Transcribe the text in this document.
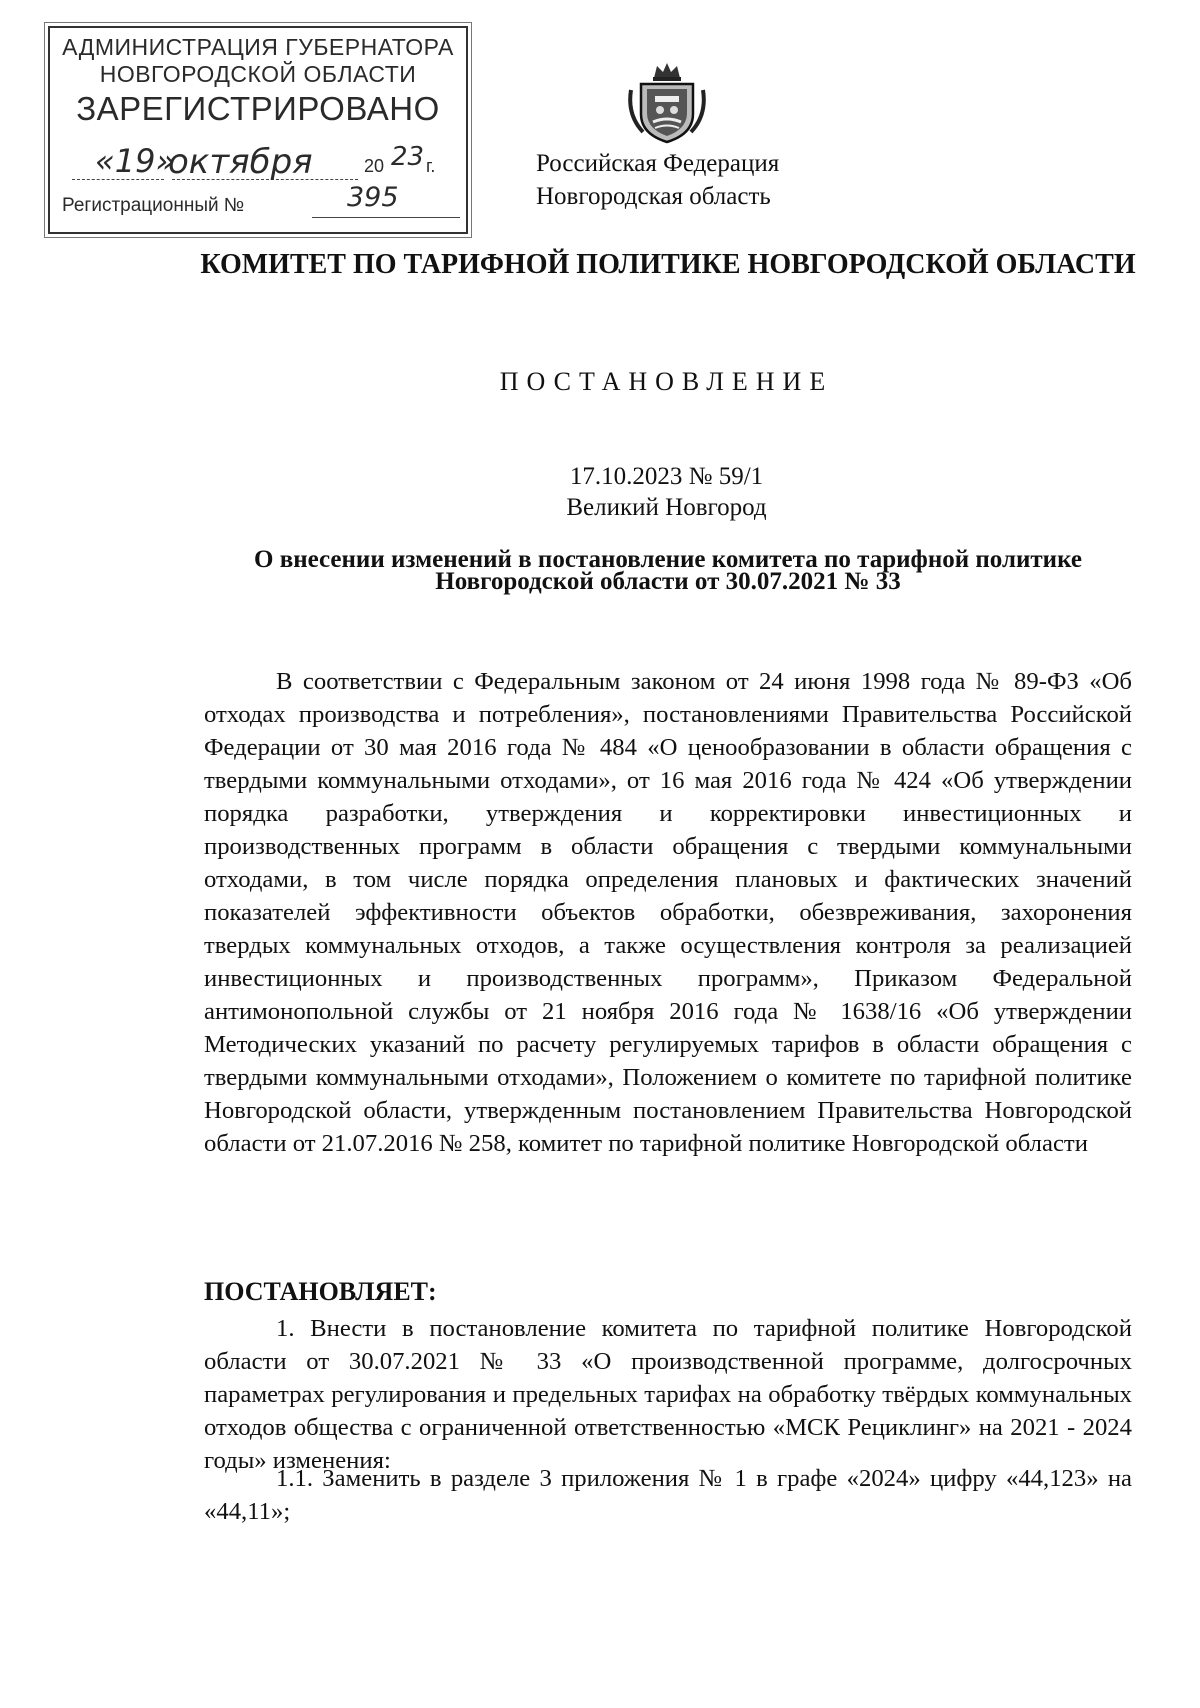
АДМИНИСТРАЦИЯ ГУБЕРНАТОРА
НОВГОРОДСКОЙ ОБЛАСТИ
ЗАРЕГИСТРИРОВАНО
«19»
октября	20 23 г.
Регистрационный №	395
Российская Федерация
Новгородская область
КОМИТЕТ ПО ТАРИФНОЙ ПОЛИТИКЕ НОВГОРОДСКОЙ ОБЛАСТИ
ПОСТАНОВЛЕНИЕ
17.10.2023 № 59/1
Великий Новгород
О внесении изменений в постановление комитета по тарифной политике Новгородской области от 30.07.2021 № 33

В соответствии с Федеральным законом от 24 июня 1998 года № 89-ФЗ «Об отходах производства и потребления», постановлениями Правительства Российской Федерации от 30 мая 2016 года № 484 «О ценообразовании в области обращения с твердыми коммунальными отходами», от 16 мая 2016 года № 424 «Об утверждении порядка разработки, утверждения и корректировки инвестиционных и производственных программ в области обращения с твердыми коммунальными отходами, в том числе порядка определения плановых и фактических значений показателей эффективности объектов обработки, обезвреживания, захоронения твердых коммунальных отходов, а также осуществления контроля за реализацией инвестиционных и производственных программ», Приказом Федеральной антимонопольной службы от 21 ноября 2016 года № 1638/16 «Об утверждении Методических указаний по расчету регулируемых тарифов в области обращения с твердыми коммунальными отходами», Положением о комитете по тарифной политике Новгородской области, утвержденным постановлением Правительства Новгородской области от 21.07.2016 № 258, комитет по тарифной политике Новгородской области

ПОСТАНОВЛЯЕТ:

1. Внести в постановление комитета по тарифной политике Новгородской области от 30.07.2021 № 33 «О производственной программе, долгосрочных параметрах регулирования и предельных тарифах на обработку твёрдых коммунальных отходов общества с ограниченной ответственностью «МСК Рециклинг» на 2021 - 2024 годы» изменения:

1.1. Заменить в разделе 3 приложения № 1 в графе «2024» цифру «44,123» на «44,11»;
